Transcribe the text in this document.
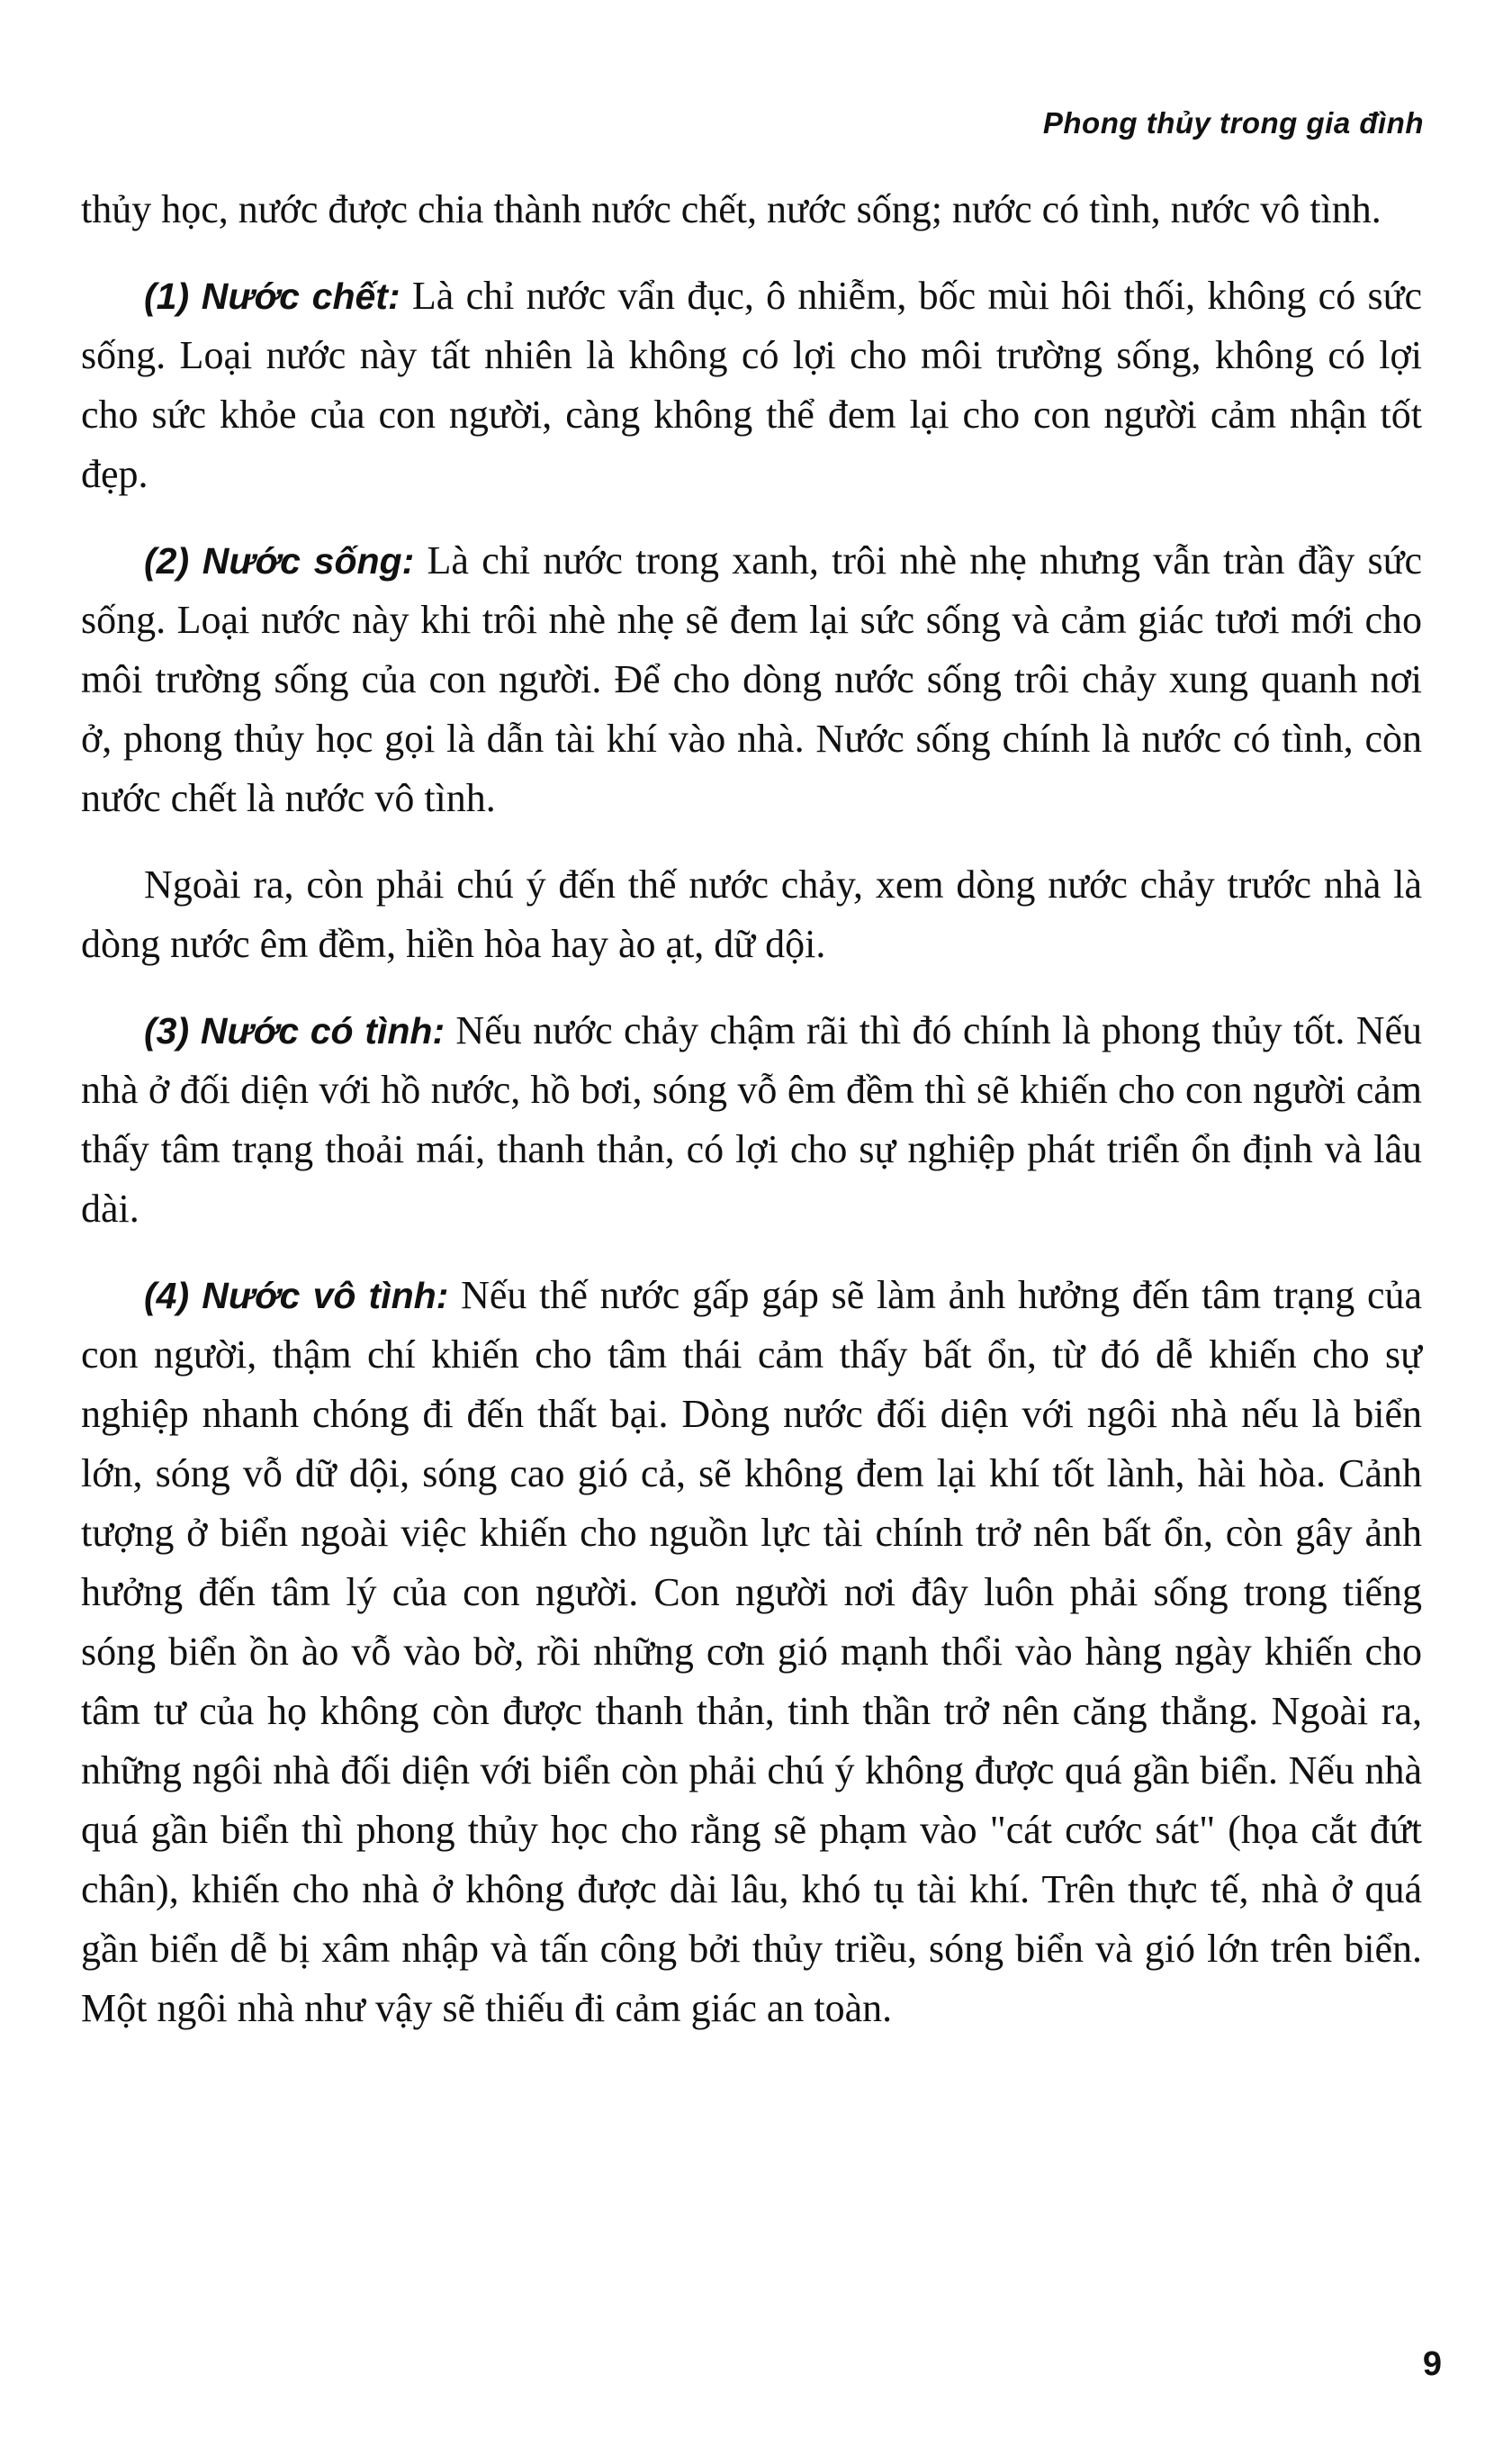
Phong thủy trong gia đình

thủy học, nước được chia thành nước chết, nước sống; nước có tình, nước vô tình.

(1) Nước chết: Là chỉ nước vẩn đục, ô nhiễm, bốc mùi hôi thối, không có sức sống. Loại nước này tất nhiên là không có lợi cho môi trường sống, không có lợi cho sức khỏe của con người, càng không thể đem lại cho con người cảm nhận tốt đẹp.

(2) Nước sống: Là chỉ nước trong xanh, trôi nhè nhẹ nhưng vẫn tràn đầy sức sống. Loại nước này khi trôi nhè nhẹ sẽ đem lại sức sống và cảm giác tươi mới cho môi trường sống của con người. Để cho dòng nước sống trôi chảy xung quanh nơi ở, phong thủy học gọi là dẫn tài khí vào nhà. Nước sống chính là nước có tình, còn nước chết là nước vô tình.

Ngoài ra, còn phải chú ý đến thế nước chảy, xem dòng nước chảy trước nhà là dòng nước êm đềm, hiền hòa hay ào ạt, dữ dội.

(3) Nước có tình: Nếu nước chảy chậm rãi thì đó chính là phong thủy tốt. Nếu nhà ở đối diện với hồ nước, hồ bơi, sóng vỗ êm đềm thì sẽ khiến cho con người cảm thấy tâm trạng thoải mái, thanh thản, có lợi cho sự nghiệp phát triển ổn định và lâu dài.

(4) Nước vô tình: Nếu thế nước gấp gáp sẽ làm ảnh hưởng đến tâm trạng của con người, thậm chí khiến cho tâm thái cảm thấy bất ổn, từ đó dễ khiến cho sự nghiệp nhanh chóng đi đến thất bại. Dòng nước đối diện với ngôi nhà nếu là biển lớn, sóng vỗ dữ dội, sóng cao gió cả, sẽ không đem lại khí tốt lành, hài hòa. Cảnh tượng ở biển ngoài việc khiến cho nguồn lực tài chính trở nên bất ổn, còn gây ảnh hưởng đến tâm lý của con người. Con người nơi đây luôn phải sống trong tiếng sóng biển ồn ào vỗ vào bờ, rồi những cơn gió mạnh thổi vào hàng ngày khiến cho tâm tư của họ không còn được thanh thản, tinh thần trở nên căng thẳng. Ngoài ra, những ngôi nhà đối diện với biển còn phải chú ý không được quá gần biển. Nếu nhà quá gần biển thì phong thủy học cho rằng sẽ phạm vào "cát cước sát" (họa cắt đứt chân), khiến cho nhà ở không được dài lâu, khó tụ tài khí. Trên thực tế, nhà ở quá gần biển dễ bị xâm nhập và tấn công bởi thủy triều, sóng biển và gió lớn trên biển. Một ngôi nhà như vậy sẽ thiếu đi cảm giác an toàn.

9
